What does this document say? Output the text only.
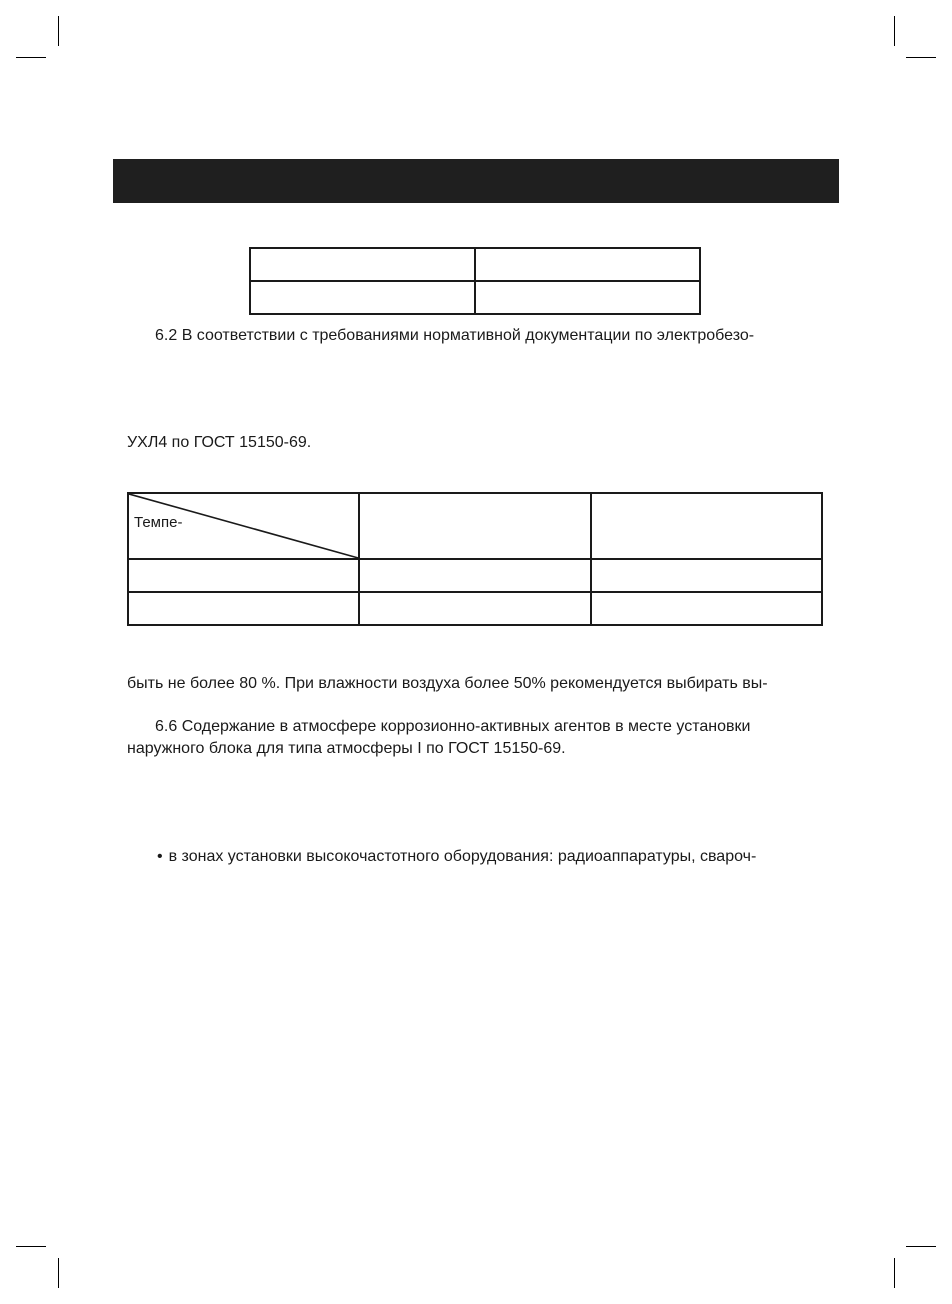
6.2 В соответствии с требованиями нормативной документации по электробезо-
УХЛ4 по ГОСТ 15150-69.
Темпе-		

быть не более 80 %. При влажности воздуха более 50% рекомендуется выбирать вы-
6.6 Содержание в атмосфере коррозионно-активных агентов в месте установки
наружного блока для типа атмосферы I по ГОСТ 15150-69.
• в зонах установки высокочастотного оборудования: радиоаппаратуры, свароч-
